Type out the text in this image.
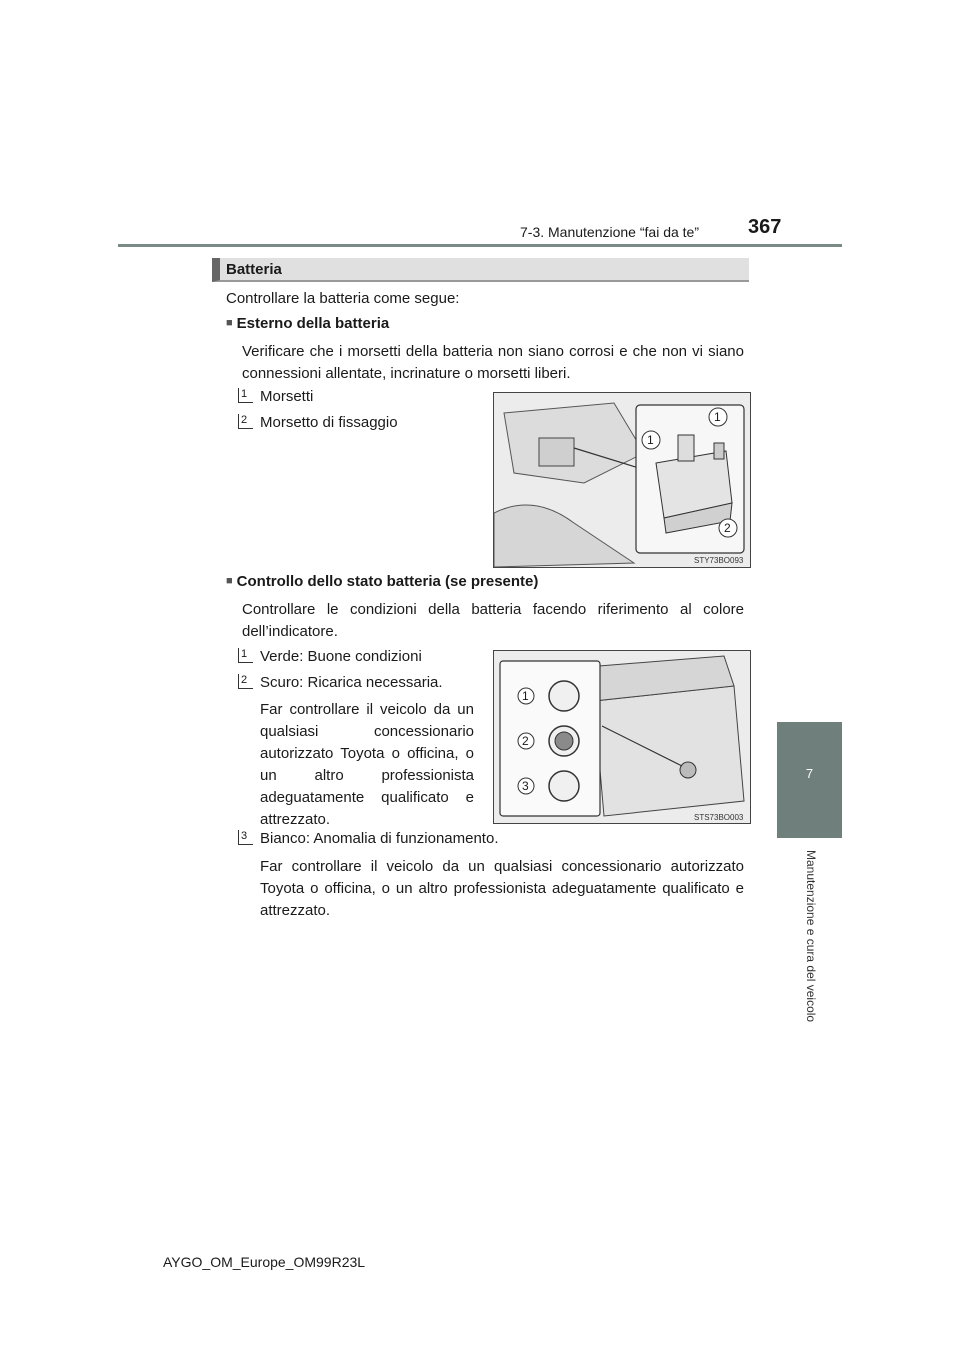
7-3. Manutenzione “fai da te” 367
7
Manutenzione e cura del veicolo
Batteria
Controllare la batteria come segue:
■ Esterno della batteria
Verificare che i morsetti della batteria non siano corrosi e che non vi siano connessioni allentate, incrinature o morsetti liberi.
1 Morsetti
2 Morsetto di fissaggio	1
1
2
STY73BO093
■ Controllo dello stato batteria (se presente)
Controllare le condizioni della batteria facendo riferimento al colore dell’indicatore.
1 Verde: Buone condizioni
2 Scuro: Ricarica necessaria.
Far controllare il veicolo da un qualsiasi concessionario autorizzato Toyota o officina, o un altro professionista adeguatamente qualificato e attrezzato.
3 Bianco: Anomalia di funzionamento.
Far controllare il veicolo da un qualsiasi concessionario autorizzato Toyota o officina, o un altro professionista adeguatamente qualificato e attrezzato.
1
2
3
STS73BO003
AYGO_OM_Europe_OM99R23L
